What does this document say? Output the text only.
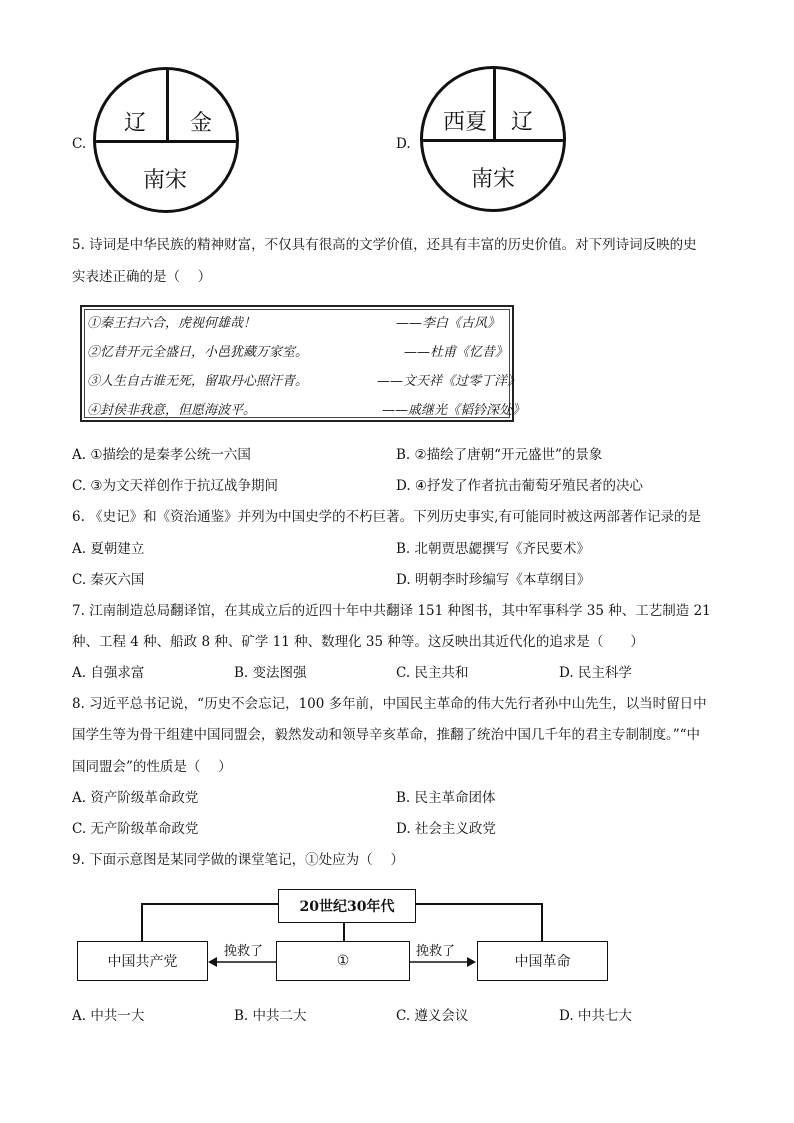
C.
辽 金
南宋
D.
西夏 辽
南宋
5. 诗词是中华民族的精神财富，不仅具有很高的文学价值，还具有丰富的历史价值。对下列诗词反映的史
实表述正确的是（　 ）
①秦王扫六合，虎视何雄哉！	——李白《古风》
②忆昔开元全盛日，小邑犹藏万家室。	——杜甫《忆昔》
③人生自古谁无死，留取丹心照汗青。	——文天祥《过零丁洋》
④封侯非我意，但愿海波平。	——戚继光《韬钤深处》
A. ①描绘的是秦孝公统一六国	B. ②描绘了唐朝“开元盛世”的景象
C. ③为文天祥创作于抗辽战争期间	D. ④抒发了作者抗击葡萄牙殖民者的决心
6. 《史记》和《资治通鉴》并列为中国史学的不朽巨著。下列历史事实,有可能同时被这两部著作记录的是
A. 夏朝建立	B. 北朝贾思勰撰写《齐民要术》
C. 秦灭六国	D. 明朝李时珍编写《本草纲目》
7. 江南制造总局翻译馆，在其成立后的近四十年中共翻译 151 种图书，其中军事科学 35 种、工艺制造 21
种、工程 4 种、船政 8 种、矿学 11 种、数理化 35 种等。这反映出其近代化的追求是（　　）
A. 自强求富	B. 变法图强	C. 民主共和	D. 民主科学
8. 习近平总书记说，“历史不会忘记，100 多年前，中国民主革命的伟大先行者孙中山先生，以当时留日中
国学生等为骨干组建中国同盟会，毅然发动和领导辛亥革命，推翻了统治中国几千年的君主专制制度。”“中
国同盟会”的性质是（　 ）
A. 资产阶级革命政党	B. 民主革命团体
C. 无产阶级革命政党	D. 社会主义政党
9. 下面示意图是某同学做的课堂笔记，①处应为（　 ）
20世纪30年代
中国共产党	①	中国革命
挽救了	挽救了
A. 中共一大	B. 中共二大	C. 遵义会议	D. 中共七大
